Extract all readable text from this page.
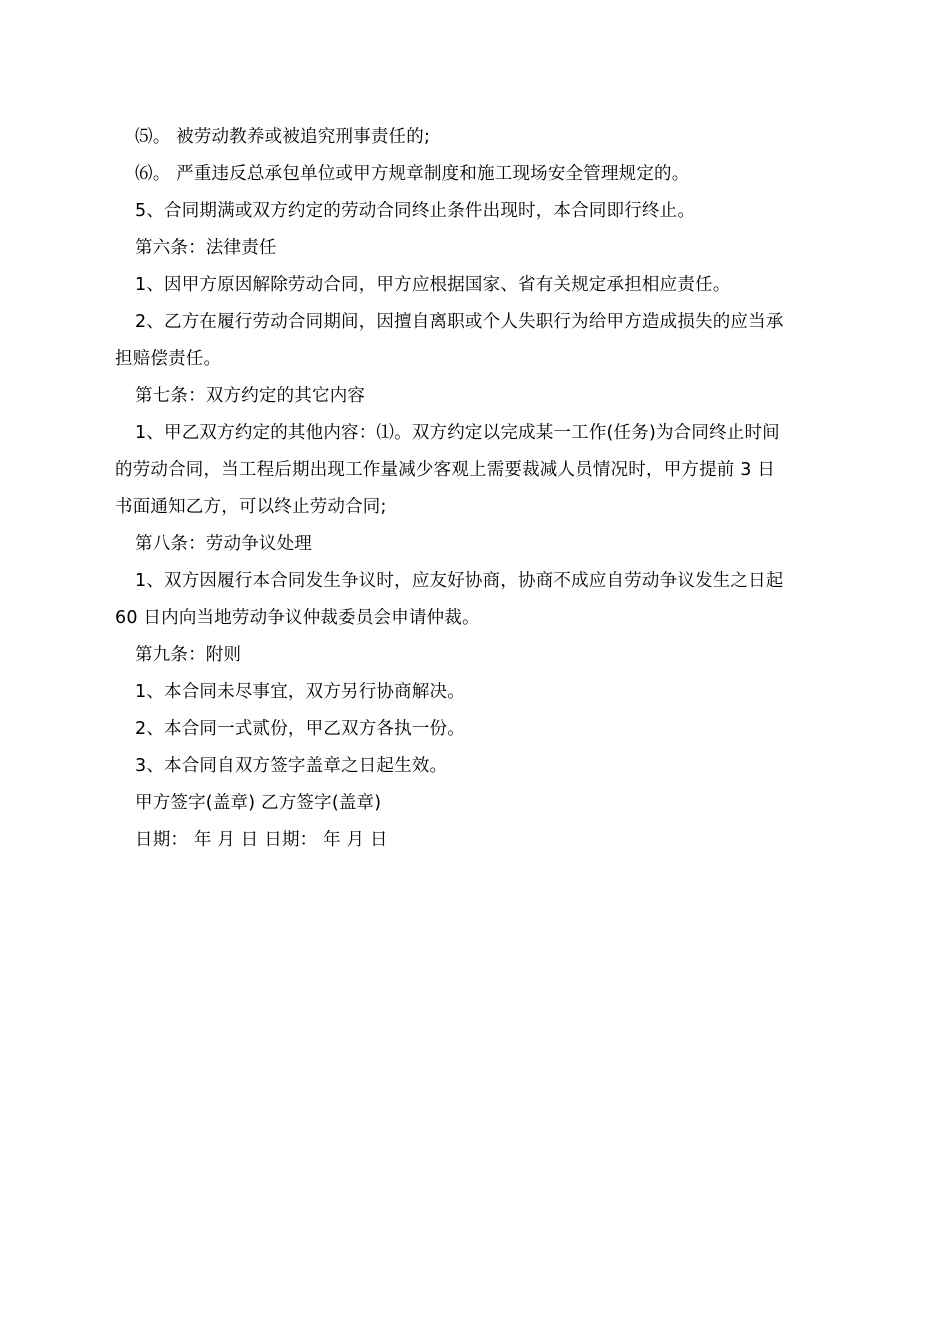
⑸。 被劳动教养或被追究刑事责任的;
⑹。 严重违反总承包单位或甲方规章制度和施工现场安全管理规定的。
5、合同期满或双方约定的劳动合同终止条件出现时，本合同即行终止。
第六条：法律责任
1、因甲方原因解除劳动合同，甲方应根据国家、省有关规定承担相应责任。
2、乙方在履行劳动合同期间，因擅自离职或个人失职行为给甲方造成损失的应当承
担赔偿责任。
第七条：双方约定的其它内容
1、甲乙双方约定的其他内容：⑴。双方约定以完成某一工作(任务)为合同终止时间
的劳动合同，当工程后期出现工作量减少客观上需要裁减人员情况时，甲方提前 3 日
书面通知乙方，可以终止劳动合同;
第八条：劳动争议处理
1、双方因履行本合同发生争议时，应友好协商，协商不成应自劳动争议发生之日起
60 日内向当地劳动争议仲裁委员会申请仲裁。
第九条：附则
1、本合同未尽事宜，双方另行协商解决。
2、本合同一式贰份，甲乙双方各执一份。
3、本合同自双方签字盖章之日起生效。
甲方签字(盖章) 乙方签字(盖章)
日期： 年 月 日 日期： 年 月 日
